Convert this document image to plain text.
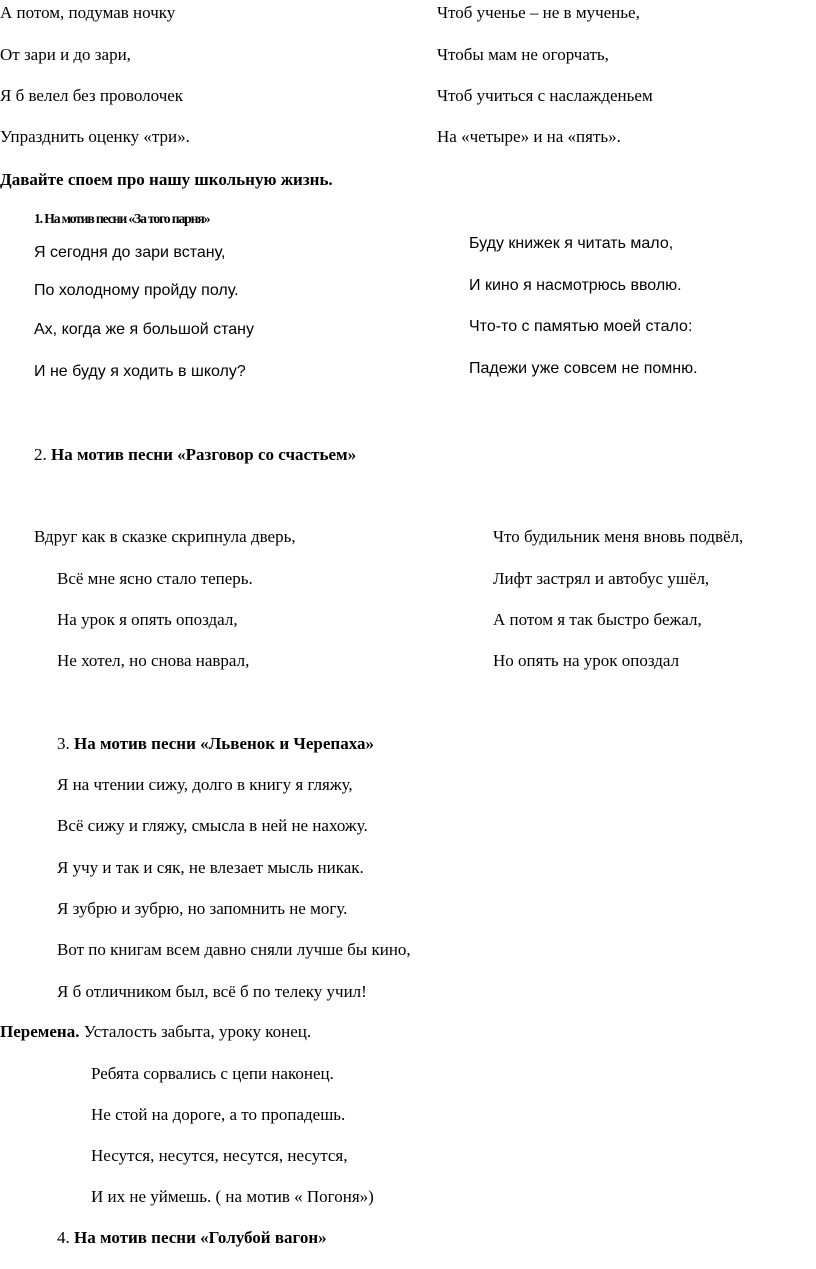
А потом, подумав ночку
От зари и до зари,
Я б велел без проволочек
Упразднить оценку «три».
Чтоб ученье – не в мученье,
Чтобы мам не огорчать,
Чтоб учиться с наслажденьем
На «четыре» и на «пять».
Давайте споем про нашу школьную жизнь.
1. На мотив песни «За того парня»
Я сегодня до зари встану,
По холодному пройду полу.
Ах, когда же я большой стану
И не буду я ходить в школу?
Буду книжек я читать мало,
И кино я насмотрюсь вволю.
Что-то с памятью моей стало:
Падежи уже совсем не помню.
2. На мотив песни «Разговор со счастьем»
Вдруг как в сказке скрипнула дверь,
Всё мне ясно стало теперь.
На урок я опять опоздал,
Не хотел, но снова наврал,
Что будильник меня вновь подвёл,
Лифт застрял и автобус ушёл,
А потом я так быстро бежал,
Но опять на урок опоздал
3. На мотив песни «Львенок и Черепаха»
Я на чтении сижу, долго в книгу я гляжу,
Всё сижу и гляжу, смысла в ней не нахожу.
Я учу и так и сяк, не влезает мысль никак.
Я зубрю и зубрю, но запомнить не могу.
Вот по книгам всем давно сняли лучше бы кино,
Я б отличником был, всё б по телеку учил!
Перемена. Усталость забыта, уроку конец.
Ребята сорвались с цепи наконец.
Не стой на дороге, а то пропадешь.
Несутся, несутся, несутся, несутся,
И их не уймешь. ( на мотив « Погоня»)
4. На мотив песни «Голубой вагон»
